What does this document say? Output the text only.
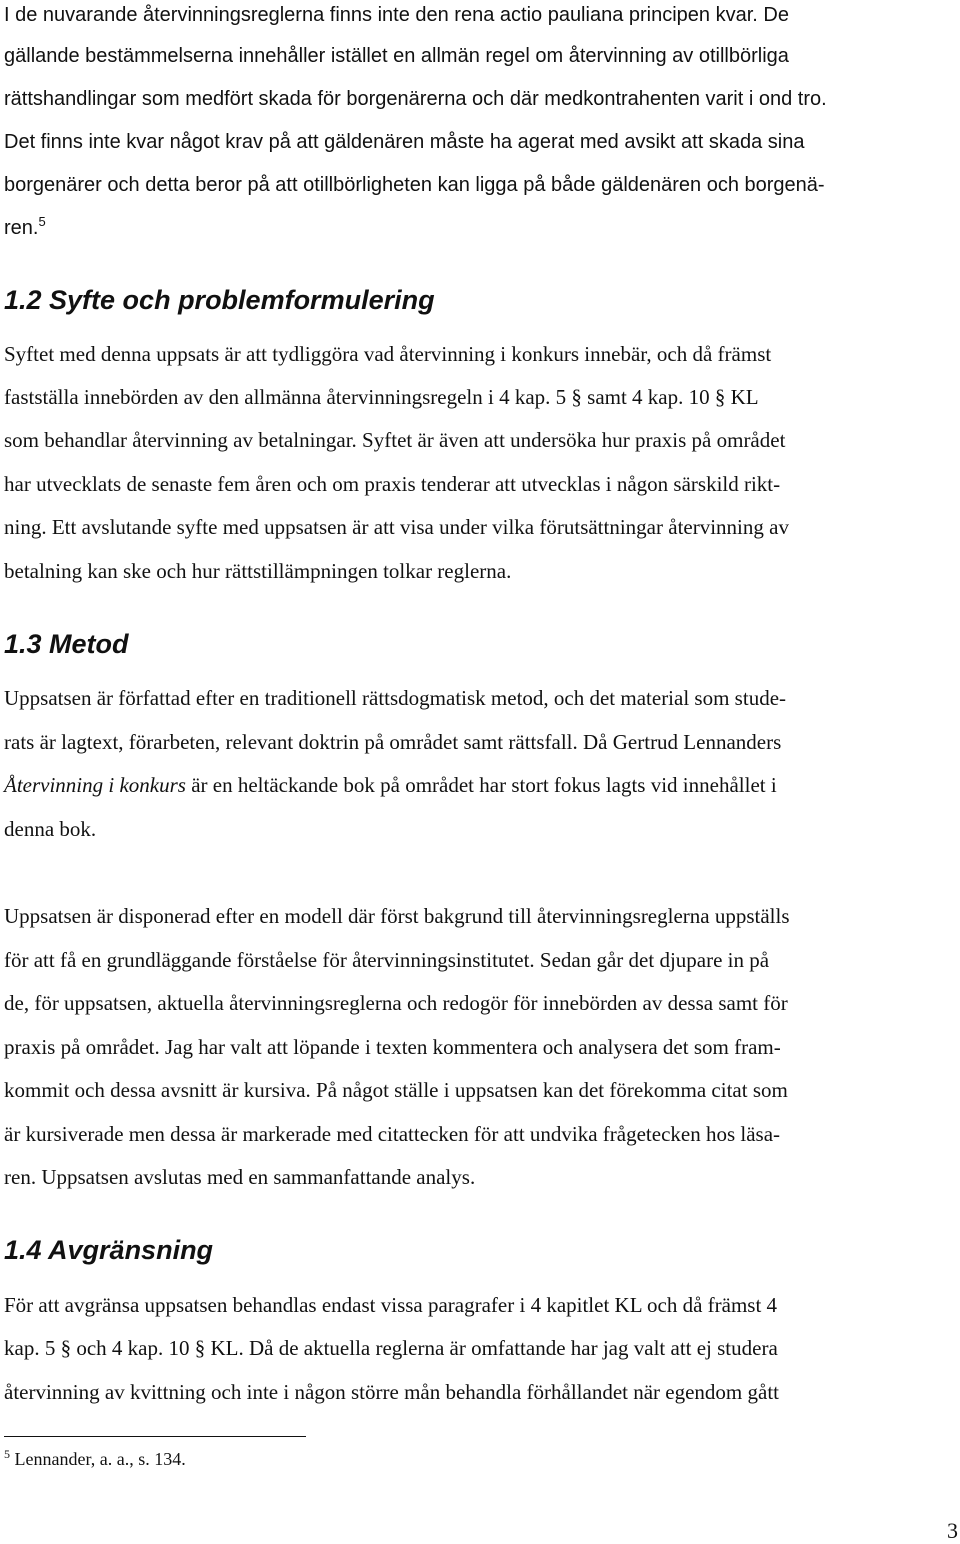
I de nuvarande återvinningsreglerna finns inte den rena actio pauliana principen kvar. De

gällande bestämmelserna innehåller istället en allmän regel om återvinning av otillbörliga

rättshandlingar som medfört skada för borgenärerna och där medkontrahenten varit i ond tro.

Det finns inte kvar något krav på att gäldenären måste ha agerat med avsikt att skada sina

borgenärer och detta beror på att otillbörligheten kan ligga på både gäldenären och borgenä-

ren.$^5$

1.2 Syfte och problemformulering

Syftet med denna uppsats är att tydliggöra vad återvinning i konkurs innebär, och då främst

fastställa innebörden av den allmänna återvinningsregeln i 4 kap. 5 § samt 4 kap. 10 § KL

som behandlar återvinning av betalningar. Syftet är även att undersöka hur praxis på området

har utvecklats de senaste fem åren och om praxis tenderar att utvecklas i någon särskild rikt-

ning. Ett avslutande syfte med uppsatsen är att visa under vilka förutsättningar återvinning av

betalning kan ske och hur rättstillämpningen tolkar reglerna.

1.3 Metod

Uppsatsen är författad efter en traditionell rättsdogmatisk metod, och det material som stude-

rats är lagtext, förarbeten, relevant doktrin på området samt rättsfall. Då Gertrud Lennanders

Återvinning i konkurs är en heltäckande bok på området har stort fokus lagts vid innehållet i

denna bok.

Uppsatsen är disponerad efter en modell där först bakgrund till återvinningsreglerna uppställs

för att få en grundläggande förståelse för återvinningsinstitutet. Sedan går det djupare in på

de, för uppsatsen, aktuella återvinningsreglerna och redogör för innebörden av dessa samt för

praxis på området. Jag har valt att löpande i texten kommentera och analysera det som fram-

kommit och dessa avsnitt är kursiva. På något ställe i uppsatsen kan det förekomma citat som

är kursiverade men dessa är markerade med citattecken för att undvika frågetecken hos läsa-

ren. Uppsatsen avslutas med en sammanfattande analys.

1.4 Avgränsning

För att avgränsa uppsatsen behandlas endast vissa paragrafer i 4 kapitlet KL och då främst 4

kap. 5 § och 4 kap. 10 § KL. Då de aktuella reglerna är omfattande har jag valt att ej studera

återvinning av kvittning och inte i någon större mån behandla förhållandet när egendom gått

$^5$ Lennander, a. a., s. 134.
3
